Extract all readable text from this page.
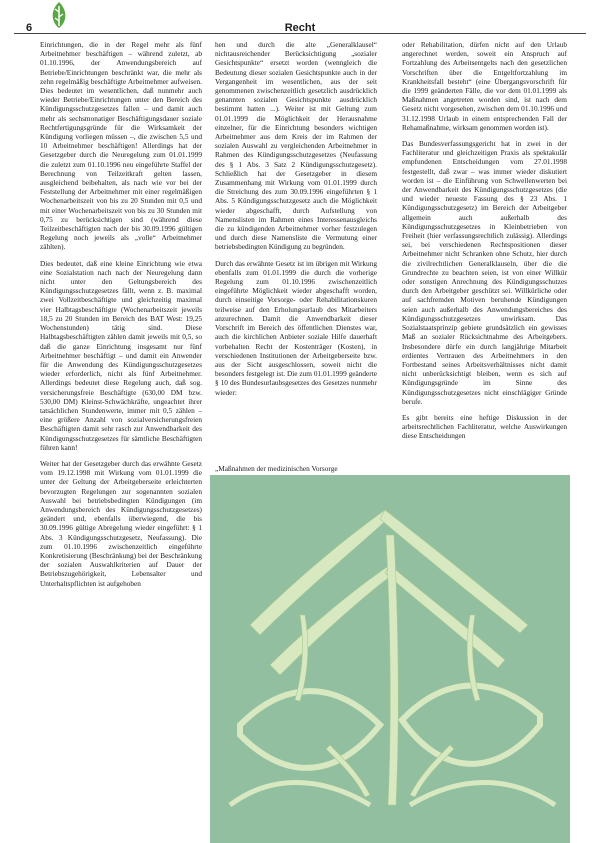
6	Recht

Einrichtungen, die in der Regel mehr als fünf Arbeitnehmer beschäftigen – während zuletzt, ab 01.10.1996, der Anwendungsbereich auf Betriebe/Einrichtungen beschränkt war, die mehr als zehn regelmäßig beschäftigte Arbeitnehmer aufweisen. Dies bedeutet im wesentlichen, daß nunmehr auch wieder Betriebe/Einrichtungen unter den Bereich des Kündigungsschutzgesetzes fallen – und damit auch mehr als sechsmonatiger Beschäftigungsdauer soziale Rechtfertigungsgründe für die Wirksamkeit der Kündigung vorliegen müssen –, die zwischen 5,5 und 10 Arbeitnehmer beschäftigen! Allerdings hat der Gesetzgeber durch die Neuregelung zum 01.01.1999 die zuletzt zum 01.10.1996 neu eingeführte Staffel der Berechnung von Teilzeitkraft gelten lassen, ausgleichend beibehalten, als nach wie vor bei der Feststellung der Arbeitnehmer mit einer regelmäßigen Wochenarbeitszeit von bis zu 20 Stunden mit 0,5 und mit einer Wochenarbeitszeit von bis zu 30 Stunden mit 0,75 zu berücksichtigen sind (während diese Teilzeitbeschäftigten nach der bis 30.09.1996 gültigen Regelung noch jeweils als „volle“ Arbeitnehmer zählten).

Dies bedeutet, daß eine kleine Einrichtung wie etwa eine Sozialstation nach nach der Neuregelung dann nicht unter den Geltungsbereich des Kündigungsschutzgesetzes fällt, wenn z. B. maximal zwei Vollzeitbeschäftigte und gleichzeitig maximal vier Halbtagsbeschäftigte (Wochenarbeitszeit jeweils 18,5 zu 20 Stunden im Bereich des BAT West: 19,25 Wochenstunden) tätig sind. Diese Halbtagsbeschäftigten zählen damit jeweils mit 0,5, so daß die ganze Einrichtung insgesamt nur fünf Arbeitnehmer beschäftigt – und damit ein Anwender für die Anwendung des Kündigungsschutzgesetzes wieder erforderlich, nicht als fünf Arbeitnehmer. Allerdings bedeutet diese Regelung auch, daß sog. versicherungsfreie Beschäftigte (630,00 DM bzw. 530,00 DM) Kleinst-Schwächkräfte, ungeachtet ihrer tatsächlichen Stundenwerte, immer mit 0,5 zählen – eine größere Anzahl von sozialversicherungsfreien Beschäftigten damit sehr rasch zur Anwendbarkeit des Kündigungsschutzgesetzes für sämtliche Beschäftigten führen kann!

Weiter hat der Gesetzgeber durch das erwähnte Gesetz vom 19.12.1998 mit Wirkung vom 01.01.1999 die unter der Geltung der Arbeitgeberseite erleichterten bevorzugten Regelungen zur sogenannten sozialen Auswahl bei betriebsbedingten Kündigungen (im Anwendungsbereich des Kündigungsschutzgesetzes) geändert und, ebenfalls überwiegend, die bis 30.09.1996 gültige Abregelung wieder eingeführt: § 1 Abs. 3 Kündigungsschutzgesetz, Neufassung). Die zum 01.10.1996 zwischenzeitlich eingeführte Konkretisierung (Beschränkung) bei der Beschränkung der sozialen Auswahlkriterien auf Dauer der Betriebszugehörigkeit, Lebensalter und Unterhaltspflichten ist aufgehoben

hen und durch die alte „Generalklausel“ nichtausreichender Berücksichtigung „sozialer Gesichtspunkte“ ersetzt worden (wenngleich die Bedeutung dieser sozialen Gesichtspunkte auch in der Vergangenheit im wesentlichen, aus der seit genommenen zwischenzeitlich gesetzlich ausdrücklich genannten sozialen Gesichtspunkte ausdrücklich bestimmt hatten ...). Weiter ist mit Geltung zum 01.01.1999 die Möglichkeit der Herausnahme einzelner, für die Einrichtung besonders wichtigen Arbeitnehmer aus dem Kreis der im Rahmen der sozialen Auswahl zu vergleichenden Arbeitnehmer in Rahmen des Kündigungsschutzgesetzes (Neufassung des § 1 Abs. 3 Satz 2 Kündigungsschutzgesetz). Schließlich hat der Gesetzgeber in diesem Zusammenhang mit Wirkung vom 01.01.1999 durch die Streichung des zum 30.09.1996 eingeführten § 1 Abs. 5 Kündigungsschutzgesetz auch die Möglichkeit wieder abgeschafft, durch Aufstellung von Namenslisten im Rahmen eines Interessenausgleichs die zu kündigenden Arbeitnehmer vorher festzulegen und durch diese Namensliste die Vermutung einer betriebsbedingten Kündigung zu begründen.

Durch das erwähnte Gesetz ist im übrigen mit Wirkung ebenfalls zum 01.01.1999 die durch die vorherige Regelung zum 01.10.1996 zwischenzeitlich eingeführte Möglichkeit wieder abgeschafft worden, durch einseitige Vorsorge- oder Rehabilitationskuren teilweise auf den Erholungsurlaub des Mitarbeiters anzurechnen. Damit die Anwendbarkeit dieser Vorschrift im Bereich des öffentlichen Dienstes war, auch die kirchlichen Anbieter soziale Hilfe dauerhaft vorbehalten Recht der Kostenträger (Kosten), in verschiedenen Institutionen der Arbeitgeberseite bzw. aus der Sicht ausgeschlossen, soweit nicht die besonders festgelegt ist. Die zum 01.01.1999 geänderte § 10 des Bundesurlaubsgesetzes des Gesetzes nunmehr wieder:

„Maßnahmen der medizinischen Vorsorge

oder Rehabilitation, dürfen nicht auf den Urlaub angerechnet werden, soweit ein Anspruch auf Fortzahlung des Arbeitsentgelts nach den gesetzlichen Vorschriften über die Entgeltfortzahlung im Krankheitsfall besteht“ (eine Übergangsvorschrift für die 1999 geänderten Fälle, die vor dem 01.01.1999 als Maßnahmen angetreten worden sind, ist nach dem Gesetz nicht vorgesehen, zwischen dem 01.10.1996 und 31.12.1998 Urlaub in einem entsprechenden Fall der Rehamaßnahme, wirksam genommen worden ist).

Das Bundesverfassungsgericht hat in zwei in der Fachliteratur und gleichzeitigen Praxis als spektakulär empfundenen Entscheidungen vom 27.01.1998 festgestellt, daß zwar – was immer wieder diskutiert worden ist – die Einführung von Schwellenwerten bei der Anwendbarkeit des Kündigungsschutzgesetzes (die und wieder neueste Fassung des § 23 Abs. 1 Kündigungsschutzgesetz) im Bereich der Arbeitgeber allgemein auch außerhalb des Kündigungsschutzgesetzes in Kleinbetrieben von Freiheit (hier verfassungsrechtlich zulässig). Allerdings sei, bei verschiedenen Rechtspositionen dieser Arbeitnehmer nicht Schranken ohne Schutz, hier durch die zivilrechtlichen Generalklauseln, über die die Grundrechte zu beachten seien, ist von einer Willkür oder sonstigen Anrechnung des Kündigungsschutzes durch den Arbeitgeber geschützt sei. Willkürliche oder auf sachfremden Motiven beruhende Kündigungen seien auch außerhalb des Anwendungsbereiches des Kündigungsschutzgesetzes unwirksam. Das Sozialstaatsprinzip gebiete grundsätzlich ein gewisses Maß an sozialer Rücksichtnahme des Arbeitgebers. Insbesondere dürfe ein durch langjährige Mitarbeit erdientes Vertrauen des Arbeitnehmers in den Fortbestand seines Arbeitsverhältnisses nicht damit nicht unberücksichtigt bleiben, wenn es sich auf Kündigungsgründe im Sinne des Kündigungsschutzgesetzes nicht einschlägiger Gründe berufe.

Es gibt bereits eine heftige Diskussion in der arbeitsrechtlichen Fachliteratur, welche Auswirkungen diese Entscheidungen
